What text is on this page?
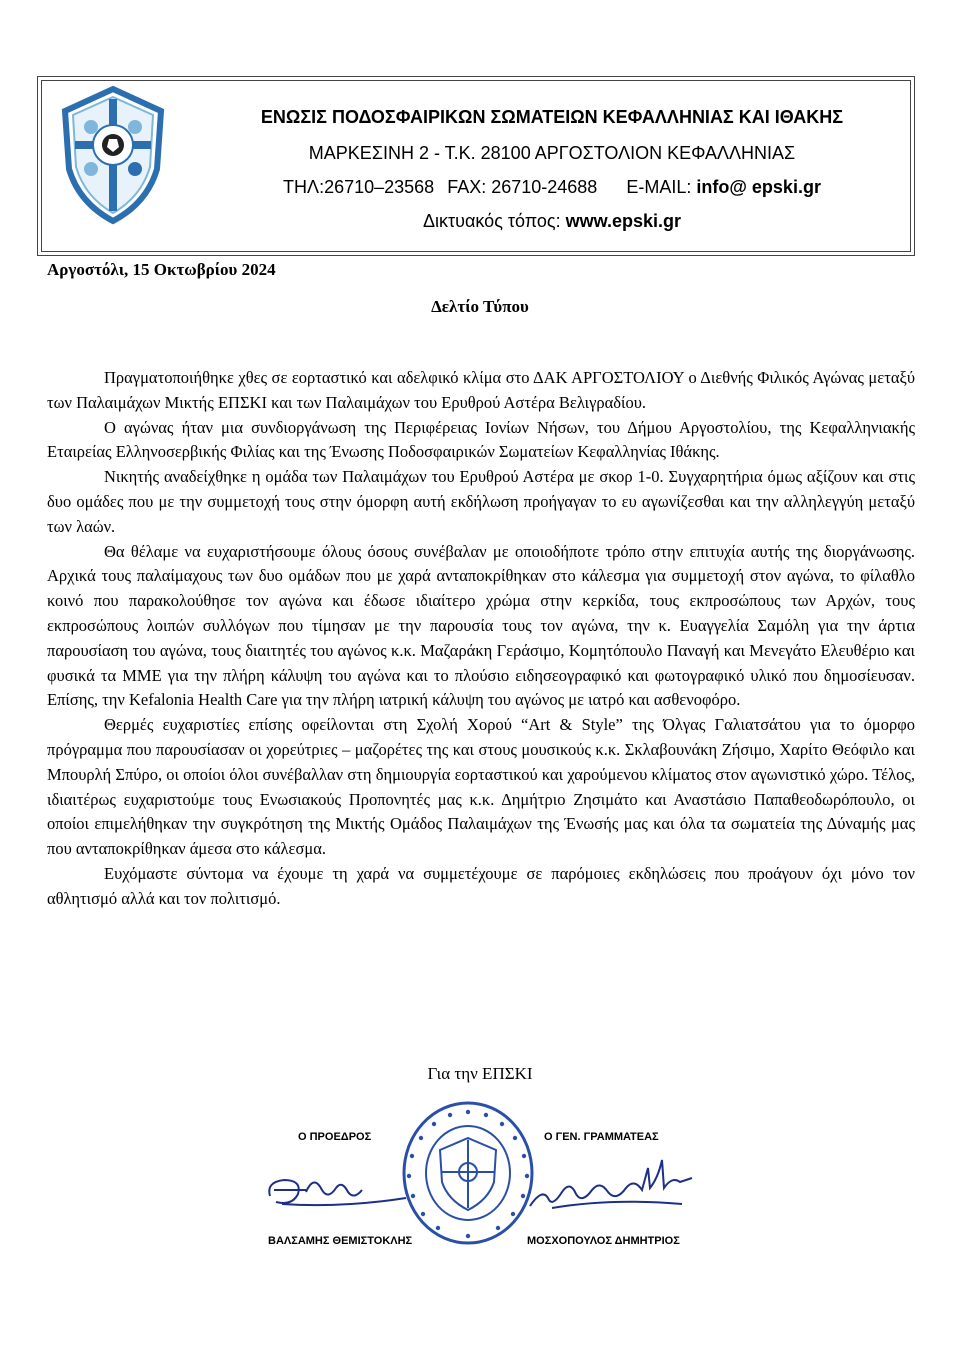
ΕΝΩΣΙΣ ΠΟΔΟΣΦΑΙΡΙΚΩΝ ΣΩΜΑΤΕΙΩΝ ΚΕΦΑΛΛΗΝΙΑΣ ΚΑΙ ΙΘΑΚΗΣ
ΜΑΡΚΕΣΙΝΗ 2 - Τ.Κ. 28100 ΑΡΓΟΣΤΟΛΙΟΝ ΚΕΦΑΛΛΗΝΙΑΣ
ΤΗΛ:26710–23568 FAX: 26710-24688 E-MAIL: info@ epski.gr
Δικτυακός τόπος: www.epski.gr
Αργοστόλι, 15 Οκτωβρίου 2024
Δελτίο Τύπου

Πραγματοποιήθηκε χθες σε εορταστικό και αδελφικό κλίμα στο ΔΑΚ ΑΡΓΟΣΤΟΛΙΟΥ ο Διεθνής Φιλικός Αγώνας μεταξύ των Παλαιμάχων Μικτής ΕΠΣΚΙ και των Παλαιμάχων του Ερυθρού Αστέρα Βελιγραδίου.

Ο αγώνας ήταν μια συνδιοργάνωση της Περιφέρειας Ιονίων Νήσων, του Δήμου Αργοστολίου, της Κεφαλληνιακής Εταιρείας Ελληνοσερβικής Φιλίας και της Ένωσης Ποδοσφαιρικών Σωματείων Κεφαλληνίας Ιθάκης.

Νικητής αναδείχθηκε η ομάδα των Παλαιμάχων του Ερυθρού Αστέρα με σκορ 1-0. Συγχαρητήρια όμως αξίζουν και στις δυο ομάδες που με την συμμετοχή τους στην όμορφη αυτή εκδήλωση προήγαγαν το ευ αγωνίζεσθαι και την αλληλεγγύη μεταξύ των λαών.

Θα θέλαμε να ευχαριστήσουμε όλους όσους συνέβαλαν με οποιοδήποτε τρόπο στην επιτυχία αυτής της διοργάνωσης. Αρχικά τους παλαίμαχους των δυο ομάδων που με χαρά ανταποκρίθηκαν στο κάλεσμα για συμμετοχή στον αγώνα, το φίλαθλο κοινό που παρακολούθησε τον αγώνα και έδωσε ιδιαίτερο χρώμα στην κερκίδα, τους εκπροσώπους των Αρχών, τους εκπροσώπους λοιπών συλλόγων που τίμησαν με την παρουσία τους τον αγώνα, την κ. Ευαγγελία Σαμόλη για την άρτια παρουσίαση του αγώνα, τους διαιτητές του αγώνος κ.κ. Μαζαράκη Γεράσιμο, Κομητόπουλο Παναγή και Μενεγάτο Ελευθέριο και φυσικά τα ΜΜΕ για την πλήρη κάλυψη του αγώνα και το πλούσιο ειδησεογραφικό και φωτογραφικό υλικό που δημοσίευσαν. Επίσης, την Kefalonia Health Care για την πλήρη ιατρική κάλυψη του αγώνος με ιατρό και ασθενοφόρο.

Θερμές ευχαριστίες επίσης οφείλονται στη Σχολή Χορού “Art & Style” της Όλγας Γαλιατσάτου για το όμορφο πρόγραμμα που παρουσίασαν οι χορεύτριες – μαζορέτες της και στους μουσικούς κ.κ. Σκλαβουνάκη Ζήσιμο, Χαρίτο Θεόφιλο και Μπουρλή Σπύρο, οι οποίοι όλοι συνέβαλλαν στη δημιουργία εορταστικού και χαρούμενου κλίματος στον αγωνιστικό χώρο. Τέλος, ιδιαιτέρως ευχαριστούμε τους Ενωσιακούς Προπονητές μας κ.κ. Δημήτριο Ζησιμάτο και Αναστάσιο Παπαθεοδωρόπουλο, οι οποίοι επιμελήθηκαν την συγκρότηση της Μικτής Ομάδος Παλαιμάχων της Ένωσής μας και όλα τα σωματεία της Δύναμής μας που ανταποκρίθηκαν άμεσα στο κάλεσμα.

Ευχόμαστε σύντομα να έχουμε τη χαρά να συμμετέχουμε σε παρόμοιες εκδηλώσεις που προάγουν όχι μόνο τον αθλητισμό αλλά και τον πολιτισμό.

Για την ΕΠΣΚΙ
Ο ΠΡΟΕΔΡΟΣ	Ο ΓΕΝ. ΓΡΑΜΜΑΤΕΑΣ
ΒΑΛΣΑΜΗΣ ΘΕΜΙΣΤΟΚΛΗΣ	ΜΟΣΧΟΠΟΥΛΟΣ ΔΗΜΗΤΡΙΟΣ
